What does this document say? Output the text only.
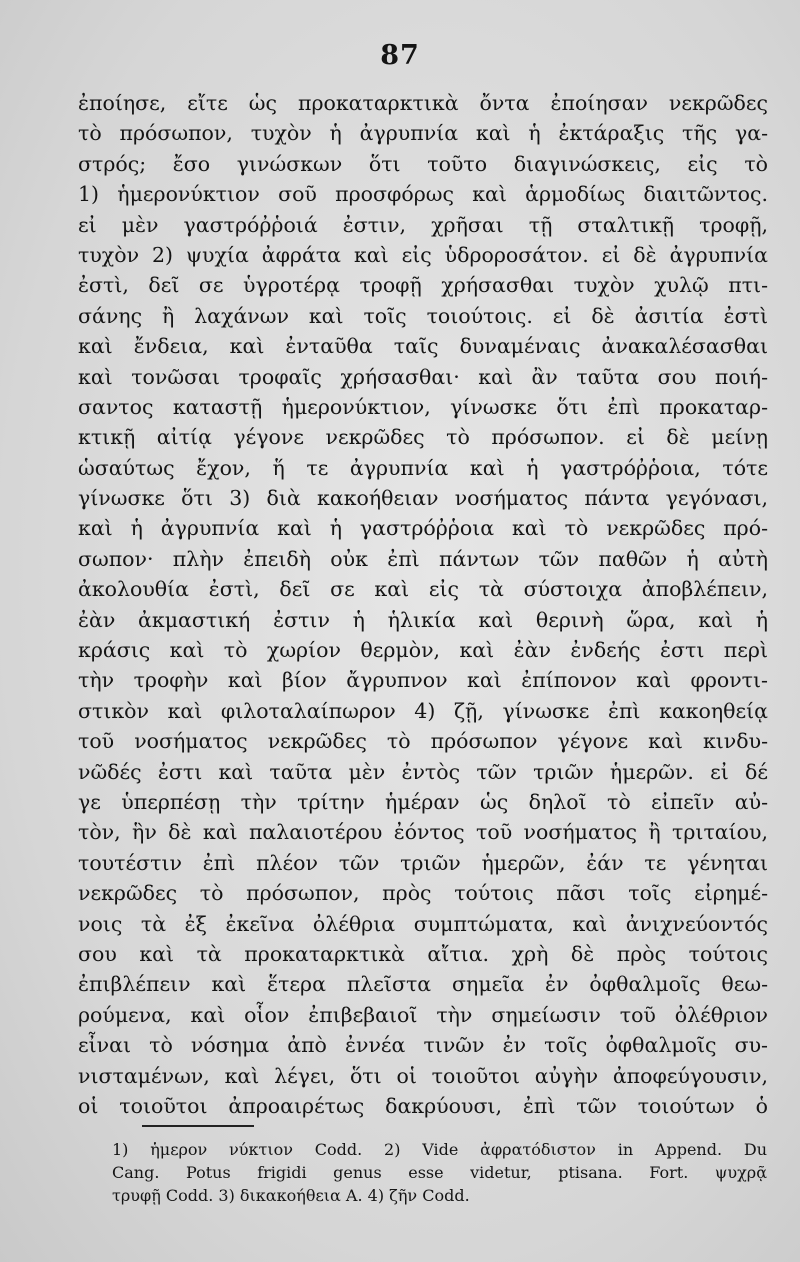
87
ἐποίησε, εἴτε ὡς προκαταρκτικὰ ὄντα ἐποίησαν νεκρῶδες
τὸ πρόσωπον, τυχὸν ἡ ἀγρυπνία καὶ ἡ ἐκτάραξις τῆς γα-
στρός; ἔσο γινώσκων ὅτι τοῦτο διαγινώσκεις, εἰς τὸ
1) ἡμερονύκτιον σοῦ προσφόρως καὶ ἁρμοδίως διαιτῶντος.
εἰ μὲν γαστρόῤῥοιά ἐστιν, χρῆσαι τῇ σταλτικῇ τροφῇ,
τυχὸν 2) ψυχία ἀφράτα καὶ εἰς ὑδροροσάτον. εἰ δὲ ἀγρυπνία
ἐστὶ, δεῖ σε ὑγροτέρᾳ τροφῇ χρήσασθαι τυχὸν χυλῷ πτι-
σάνης ἢ λαχάνων καὶ τοῖς τοιούτοις. εἰ δὲ ἀσιτία ἐστὶ
καὶ ἔνδεια, καὶ ἐνταῦθα ταῖς δυναμέναις ἀνακαλέσασθαι
καὶ τονῶσαι τροφαῖς χρήσασθαι· καὶ ἂν ταῦτα σου ποιή-
σαντος καταστῇ ἡμερονύκτιον, γίνωσκε ὅτι ἐπὶ προκαταρ-
κτικῇ αἰτίᾳ γέγονε νεκρῶδες τὸ πρόσωπον. εἰ δὲ μείνῃ
ὡσαύτως ἔχον, ἥ τε ἀγρυπνία καὶ ἡ γαστρόῤῥοια, τότε
γίνωσκε ὅτι 3) διὰ κακοήθειαν νοσήματος πάντα γεγόνασι,
καὶ ἡ ἀγρυπνία καὶ ἡ γαστρόῤῥοια καὶ τὸ νεκρῶδες πρό-
σωπον· πλὴν ἐπειδὴ οὐκ ἐπὶ πάντων τῶν παθῶν ἡ αὐτὴ
ἀκολουθία ἐστὶ, δεῖ σε καὶ εἰς τὰ σύστοιχα ἀποβλέπειν,
ἐὰν ἀκμαστική ἐστιν ἡ ἡλικία καὶ θερινὴ ὥρα, καὶ ἡ
κράσις καὶ τὸ χωρίον θερμὸν, καὶ ἐὰν ἐνδεής ἐστι περὶ
τὴν τροφὴν καὶ βίον ἄγρυπνον καὶ ἐπίπονον καὶ φροντι-
στικὸν καὶ φιλοταλαίπωρον 4) ζῇ, γίνωσκε ἐπὶ κακοηθείᾳ
τοῦ νοσήματος νεκρῶδες τὸ πρόσωπον γέγονε καὶ κινδυ-
νῶδές ἐστι καὶ ταῦτα μὲν ἐντὸς τῶν τριῶν ἡμερῶν. εἰ δέ
γε ὑπερπέσῃ τὴν τρίτην ἡμέραν ὡς δηλοῖ τὸ εἰπεῖν αὐ-
τὸν, ἣν δὲ καὶ παλαιοτέρου ἐόντος τοῦ νοσήματος ἢ τριταίου,
τουτέστιν ἐπὶ πλέον τῶν τριῶν ἡμερῶν, ἐάν τε γένηται
νεκρῶδες τὸ πρόσωπον, πρὸς τούτοις πᾶσι τοῖς εἰρημέ-
νοις τὰ ἐξ ἐκεῖνα ὀλέθρια συμπτώματα, καὶ ἀνιχνεύοντός
σου καὶ τὰ προκαταρκτικὰ αἴτια. χρὴ δὲ πρὸς τούτοις
ἐπιβλέπειν καὶ ἕτερα πλεῖστα σημεῖα ἐν ὀφθαλμοῖς θεω-
ρούμενα, καὶ οἷον ἐπιβεβαιοῖ τὴν σημείωσιν τοῦ ὀλέθριον
εἶναι τὸ νόσημα ἀπὸ ἐννέα τινῶν ἐν τοῖς ὀφθαλμοῖς συ-
νισταμένων, καὶ λέγει, ὅτι οἱ τοιοῦτοι αὐγὴν ἀποφεύγουσιν,
οἱ τοιοῦτοι ἀπροαιρέτως δακρύουσι, ἐπὶ τῶν τοιούτων ὁ
1) ἡμερον νύκτιον Codd. 2) Vide ἀφρατόδιστον in Append. Du
Cang. Potus frigidi genus esse videtur, ptisana. Fort. ψυχρᾷ
τρυφῇ Codd. 3) δικακοήθεια A. 4) ζῆν Codd.
